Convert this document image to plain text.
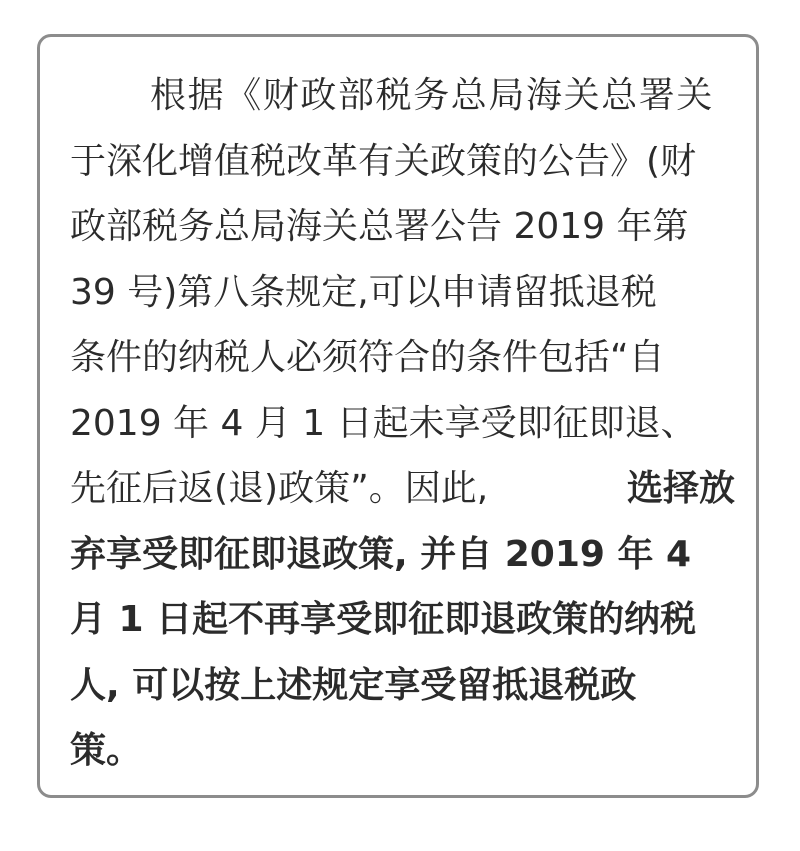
根据《财政部税务总局海关总署关
于深化增值税改革有关政策的公告》(财
政部税务总局海关总署公告 2019 年第
39 号)第八条规定,可以申请留抵退税
条件的纳税人必须符合的条件包括“自
2019 年 4 月 1 日起未享受即征即退、
先征后返(退)政策”。因此,	选择放
弃享受即征即退政策, 并自 2019 年 4
月 1 日起不再享受即征即退政策的纳税
人, 可以按上述规定享受留抵退税政
策。
